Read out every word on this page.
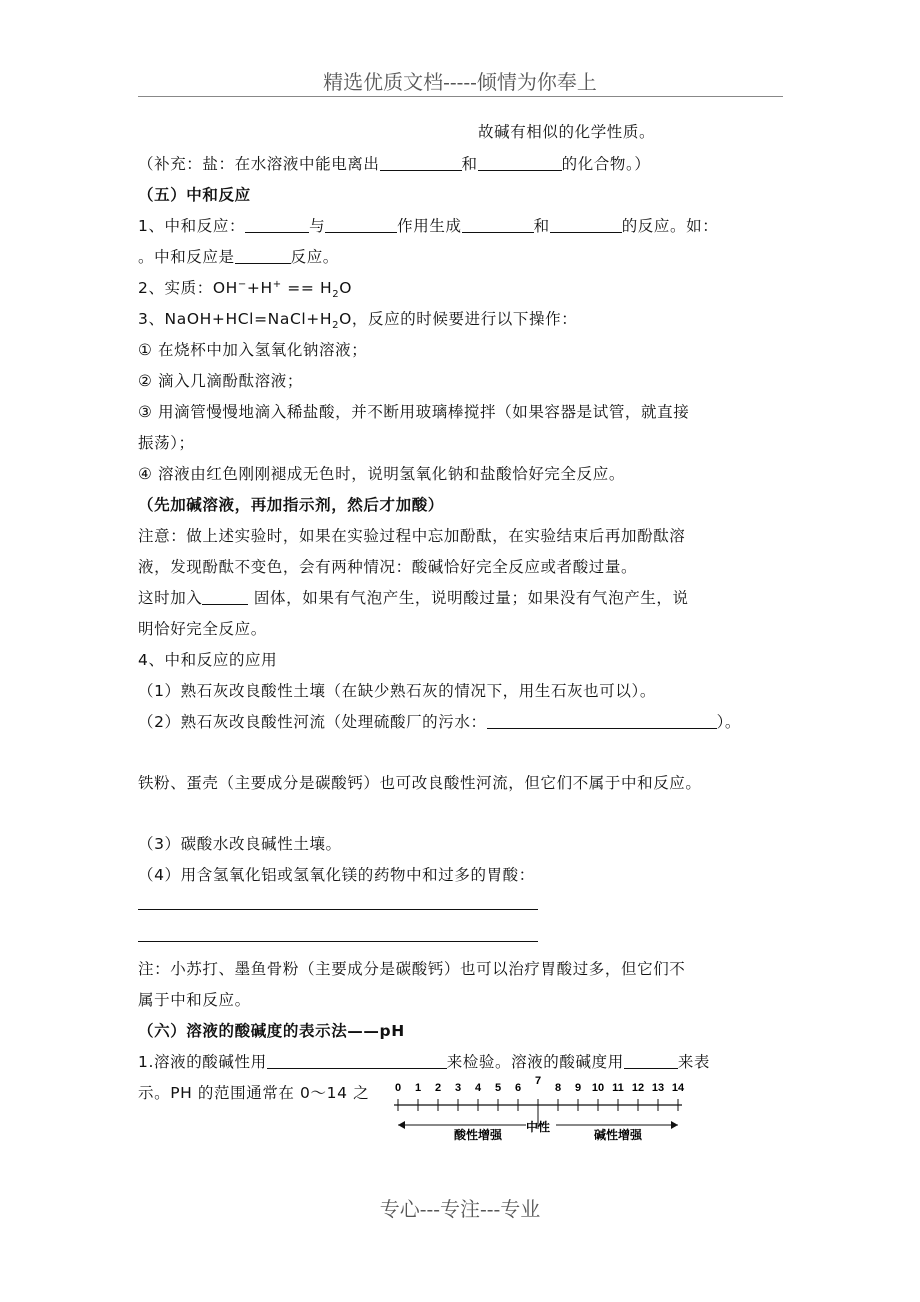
精选优质文档-----倾情为你奉上
故碱有相似的化学性质。
（补充：盐：在水溶液中能电离出	和	的化合物。）
（五）中和反应
1、中和反应：	与	作用生成	和	的反应。如：
。中和反应是	反应。
2、实质：$OH^-+H^+ == H_2O$
3、$NaOH+HCl=NaCl+H_2O$，反应的时候要进行以下操作：
① 在烧杯中加入氢氧化钠溶液；
② 滴入几滴酚酞溶液；
③ 用滴管慢慢地滴入稀盐酸，并不断用玻璃棒搅拌（如果容器是试管，就直接
振荡）；
④ 溶液由红色刚刚褪成无色时，说明氢氧化钠和盐酸恰好完全反应。
（先加碱溶液，再加指示剂，然后才加酸）
注意：做上述实验时，如果在实验过程中忘加酚酞，在实验结束后再加酚酞溶
液，发现酚酞不变色，会有两种情况：酸碱恰好完全反应或者酸过量。
这时加入	固体，如果有气泡产生，说明酸过量；如果没有气泡产生，说
明恰好完全反应。
4、中和反应的应用
（1）熟石灰改良酸性土壤（在缺少熟石灰的情况下，用生石灰也可以）。
（2）熟石灰改良酸性河流（处理硫酸厂的污水：	）。
铁粉、蛋壳（主要成分是碳酸钙）也可改良酸性河流，但它们不属于中和反应。
（3）碳酸水改良碱性土壤。
（4）用含氢氧化铝或氢氧化镁的药物中和过多的胃酸：
注：小苏打、墨鱼骨粉（主要成分是碳酸钙）也可以治疗胃酸过多，但它们不
属于中和反应。
（六）溶液的酸碱度的表示法——pH
1.溶液的酸碱性用	来检验。溶液的酸碱度用	来表
示。PH 的范围通常在 0～14 之 0 1 2 3 4 5 6
7
8 9 10 11 12 13 14
酸性增强
中性
碱性增强
专心---专注---专业
